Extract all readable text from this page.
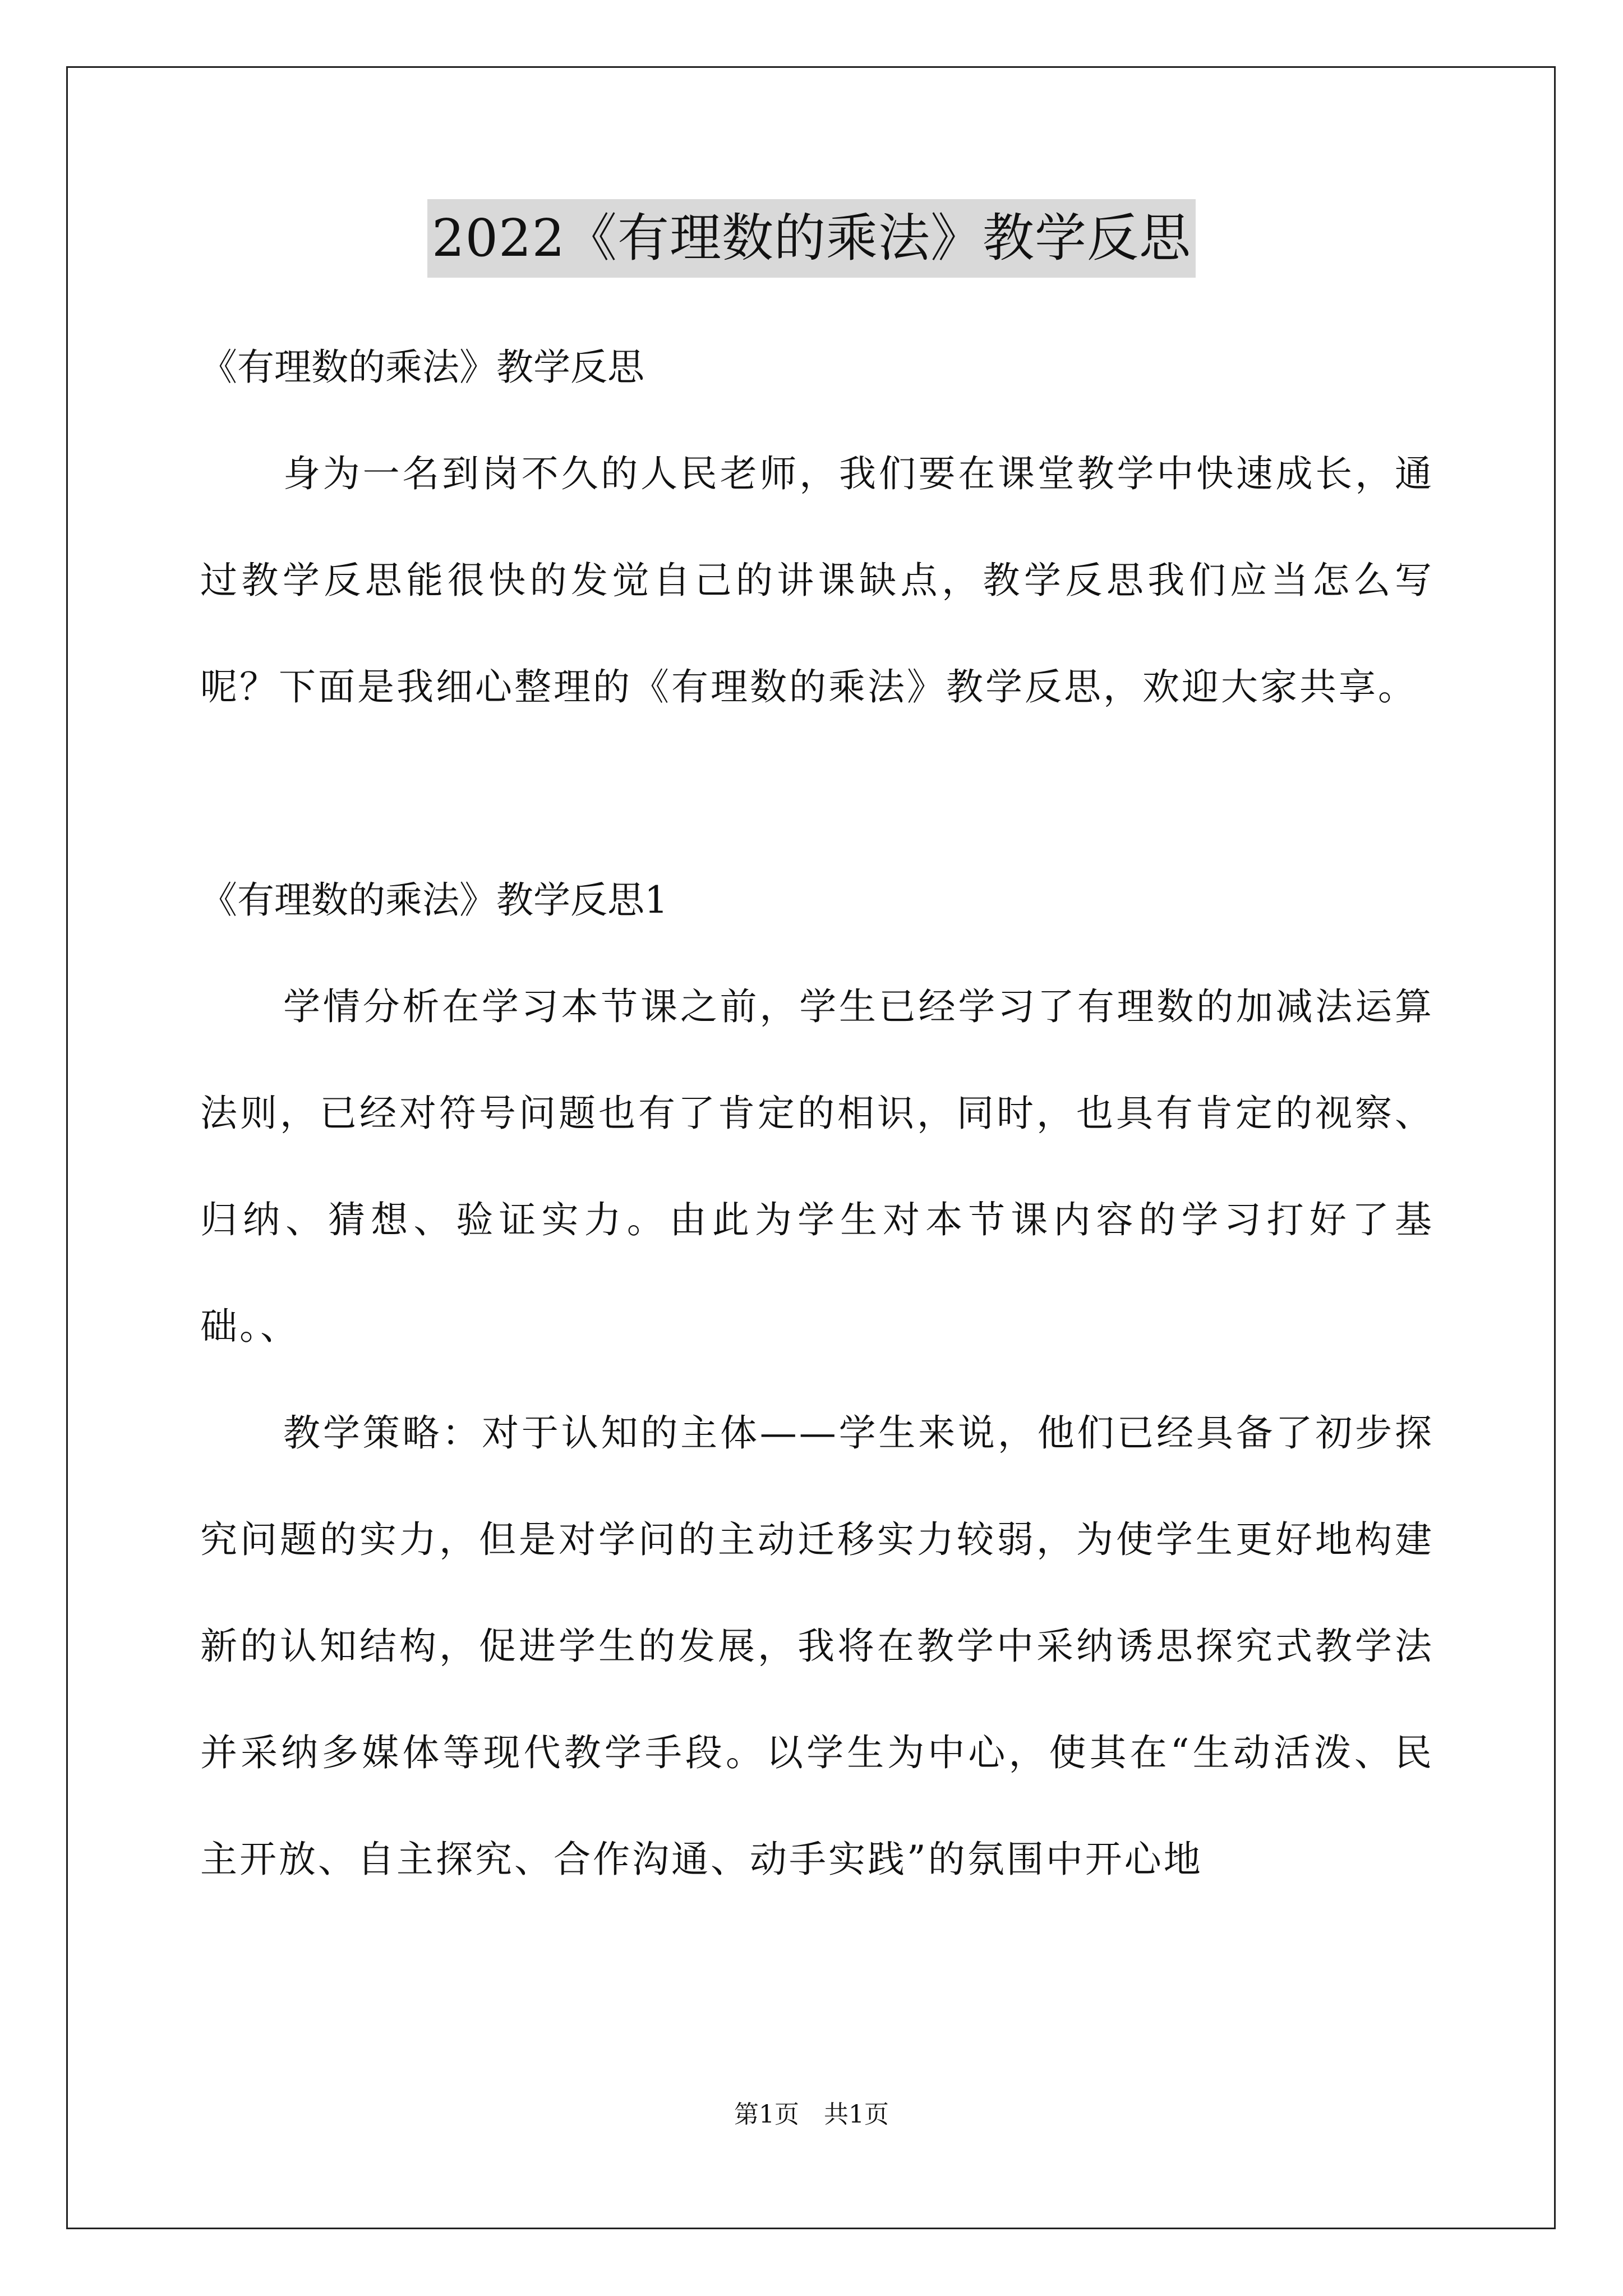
2022《有理数的乘法》教学反思

《有理数的乘法》教学反思

身为一名到岗不久的人民老师，我们要在课堂教学中快速成长，通过教学反思能很快的发觉自己的讲课缺点，教学反思我们应当怎么写呢？下面是我细心整理的《有理数的乘法》教学反思，欢迎大家共享。

《有理数的乘法》教学反思1

学情分析在学习本节课之前，学生已经学习了有理数的加减法运算法则，已经对符号问题也有了肯定的相识，同时，也具有肯定的视察、归纳、猜想、验证实力。由此为学生对本节课内容的学习打好了基础。、

教学策略：对于认知的主体——学生来说，他们已经具备了初步探究问题的实力，但是对学问的主动迁移实力较弱，为使学生更好地构建新的认知结构，促进学生的发展，我将在教学中采纳诱思探究式教学法并采纳多媒体等现代教学手段。以学生为中心，使其在“生动活泼、民主开放、自主探究、合作沟通、动手实践”的氛围中开心地

第1页 共1页
